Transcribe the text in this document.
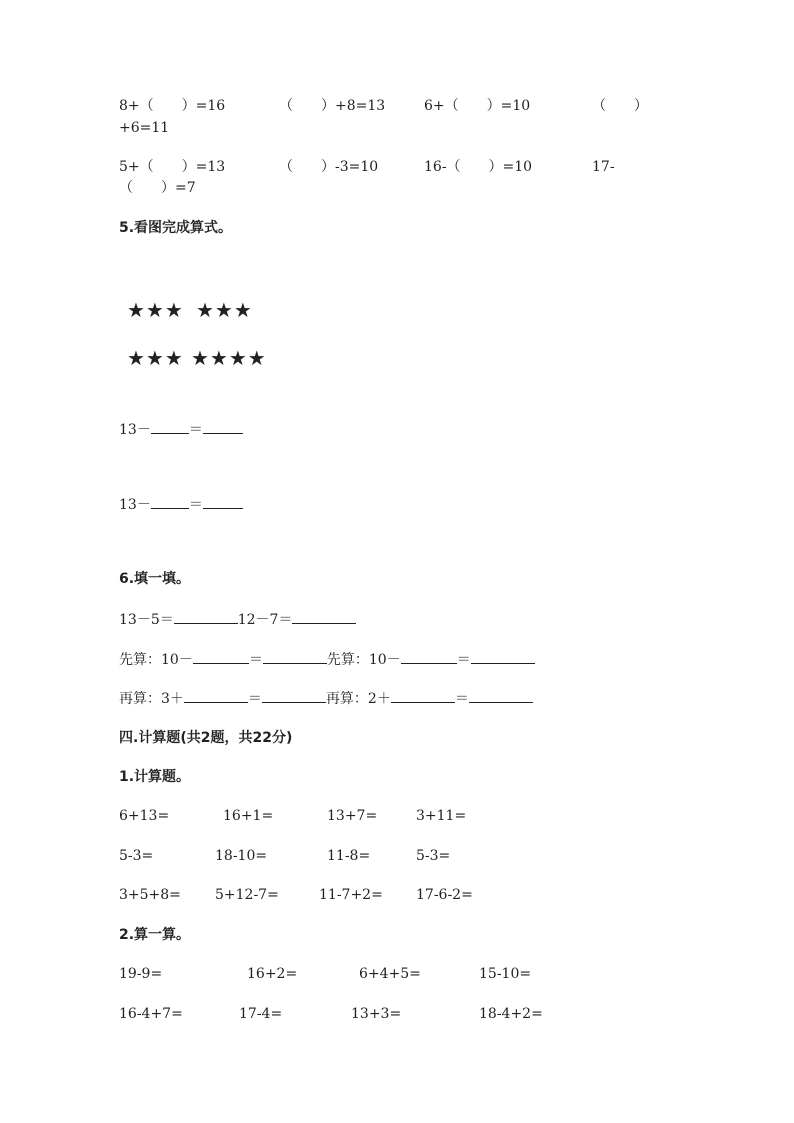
8+（　　）=16	（　　）+8=13	6+（　　）=10	（　　）
+6=11
5+（　　）=13	（　　）-3=10	16-（　　）=10	17-
（　　）=7
5.看图完成算式。
★★★ ★★★
★★★ ★★★★
13－	＝
13－	＝
6.填一填。
13－5＝	12－7＝
先算：10－	＝	先算：10－	＝
再算：3＋	＝	再算：2＋	＝
四.计算题(共2题，共22分)
1.计算题。
6+13=	16+1=	13+7=	3+11=
5-3=	18-10=	11-8=	5-3=
3+5+8= 5+12-7=	11-7+2= 17-6-2=
2.算一算。
19-9=	16+2=	6+4+5=	15-10=
16-4+7=	17-4=	13+3=	18-4+2=
